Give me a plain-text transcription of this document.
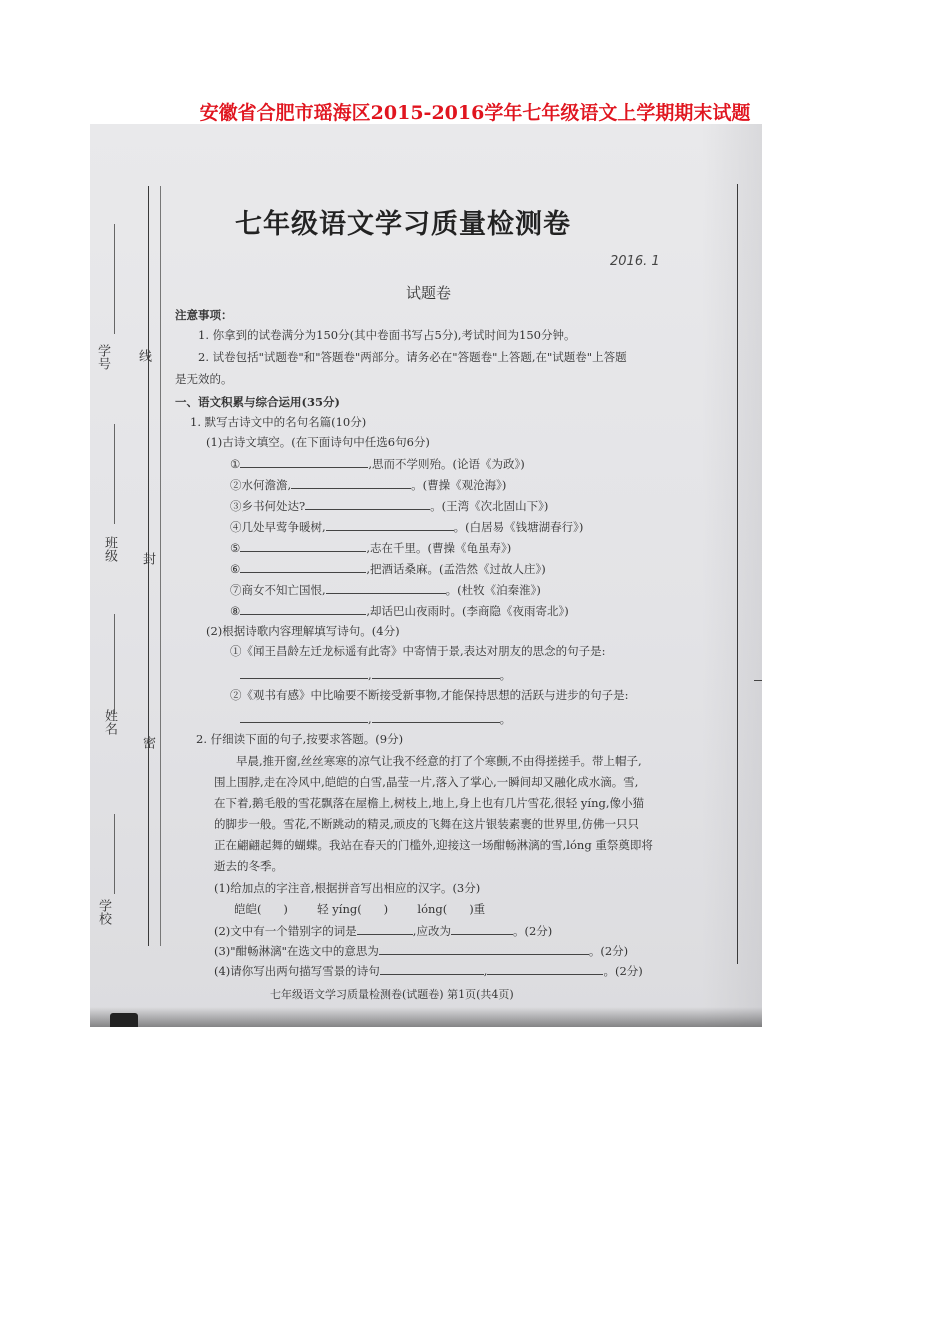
安徽省合肥市瑶海区2015-2016学年七年级语文上学期期末试题
学号 线
班级 封
姓名
密
学校
七年级语文学习质量检测卷
2016. 1
试题卷
注意事项：
1. 你拿到的试卷满分为150分(其中卷面书写占5分),考试时间为150分钟。
2. 试卷包括"试题卷"和"答题卷"两部分。请务必在"答题卷"上答题,在"试题卷"上答题
是无效的。
一、语文积累与综合运用(35分)
1. 默写古诗文中的名句名篇(10分)
(1)古诗文填空。(在下面诗句中任选6句6分)
①	,思而不学则殆。(论语《为政》)
②水何澹澹,	。(曹操《观沧海》)
③乡书何处达?	。(王湾《次北固山下》)
④几处早莺争暖树,	。(白居易《钱塘湖春行》)
⑤	,志在千里。(曹操《龟虽寿》)
⑥	,把酒话桑麻。(孟浩然《过故人庄》)
⑦商女不知亡国恨,	。(杜牧《泊秦淮》)
⑧	,却话巴山夜雨时。(李商隐《夜雨寄北》)
(2)根据诗歌内容理解填写诗句。(4分)
①《闻王昌龄左迁龙标遥有此寄》中寄情于景,表达对朋友的思念的句子是:
,	。
②《观书有感》中比喻要不断接受新事物,才能保持思想的活跃与进步的句子是:
,	。
2. 仔细读下面的句子,按要求答题。(9分)
早晨,推开窗,丝丝寒寒的凉气让我不经意的打了个寒颤,不由得搓搓手。带上帽子,
围上围脖,走在冷风中,皑皑的白雪,晶莹一片,落入了掌心,一瞬间却又融化成水滴。雪,
在下着,鹅毛般的雪花飘落在屋檐上,树枝上,地上,身上也有几片雪花,很轻 yíng,像小猫
的脚步一般。雪花,不断跳动的精灵,顽皮的飞舞在这片银装素裹的世界里,仿佛一只只
正在翩翩起舞的蝴蝶。我站在春天的门槛外,迎接这一场酣畅淋漓的雪,lóng 重祭奠即将
逝去的冬季。
(1)给加点的字注音,根据拼音写出相应的汉字。(3分)
皑皑(      )        轻 yíng(      )        lóng(      )重
(2)文中有一个错别字的词是	,应改为	。(2分)
(3)"酣畅淋漓"在选文中的意思为	。(2分)
(4)请你写出两句描写雪景的诗句	,	。(2分)
七年级语文学习质量检测卷(试题卷) 第1页(共4页)
